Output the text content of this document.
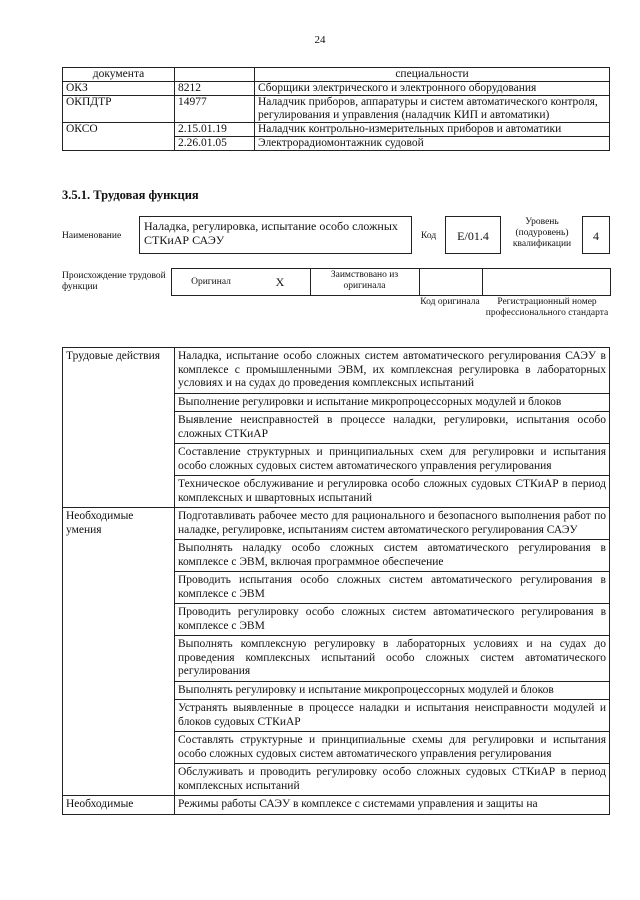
24
документа		специальности
ОКЗ	8212	Сборщики электрического и электронного оборудования
ОКПДТР	14977	Наладчик приборов, аппаратуры и систем автоматического контроля, регулирования и управления (наладчик КИП и автоматики)
ОКСО	2.15.01.19	Наладчик контрольно-измерительных приборов и автоматики
	2.26.01.05	Электрорадиомонтажник судовой
3.5.1. Трудовая функция
Наименование
Наладка, регулировка, испытание особо сложных СТКиАР САЭУ	Код	E/01.4
Уровень (подуровень) квалификации
4
Происхождение трудовой функции	Оригинал	X	Заимствовано из оригинала
Код оригинала	Регистрационный номер профессионального стандарта
Трудовые действия	Наладка, испытание особо сложных систем автоматического регулирования САЭУ в комплексе с промышленными ЭВМ, их комплексная регулировка в лабораторных условиях и на судах до проведения комплексных испытаний
	Выполнение регулировки и испытание микропроцессорных модулей и блоков
	Выявление неисправностей в процессе наладки, регулировки, испытания особо сложных СТКиАР
	Составление структурных и принципиальных схем для регулировки и испытания особо сложных судовых систем автоматического управления регулирования
	Техническое обслуживание и регулировка особо сложных судовых СТКиАР в период комплексных и швартовных испытаний
Необходимые умения	Подготавливать рабочее место для рационального и безопасного выполнения работ по наладке, регулировке, испытаниям систем автоматического регулирования САЭУ
	Выполнять наладку особо сложных систем автоматического регулирования в комплексе с ЭВМ, включая программное обеспечение
	Проводить испытания особо сложных систем автоматического регулирования в комплексе с ЭВМ
	Проводить регулировку особо сложных систем автоматического регулирования в комплексе с ЭВМ
	Выполнять комплексную регулировку в лабораторных условиях и на судах до проведения комплексных испытаний особо сложных систем автоматического регулирования
	Выполнять регулировку и испытание микропроцессорных модулей и блоков
	Устранять выявленные в процессе наладки и испытания неисправности модулей и блоков судовых СТКиАР
	Составлять структурные и принципиальные схемы для регулировки и испытания особо сложных судовых систем автоматического управления регулирования
	Обслуживать и проводить регулировку особо сложных судовых СТКиАР в период комплексных испытаний
Необходимые	Режимы работы САЭУ в комплексе с системами управления и защиты на
